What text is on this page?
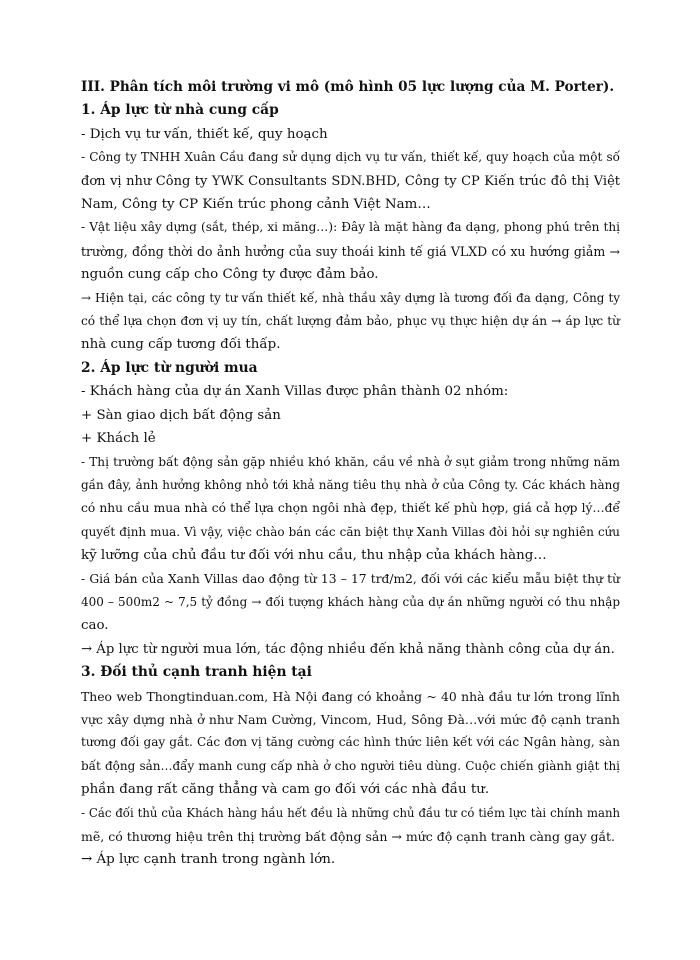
III. Phân tích môi trường vi mô (mô hình 05 lực lượng của M. Porter).

1. Áp lực từ nhà cung cấp

- Dịch vụ tư vấn, thiết kế, quy hoạch

- Công ty TNHH Xuân Cầu đang sử dụng dịch vụ tư vấn, thiết kế, quy hoạch của một số

đơn vị như Công ty YWK Consultants SDN.BHD, Công ty CP Kiến trúc đô thị Việt

Nam, Công ty CP Kiến trúc phong cảnh Việt Nam…

- Vật liệu xây dựng (sắt, thép, xi măng…): Đây là mặt hàng đa dạng, phong phú trên thị

trường, đồng thời do ảnh hưởng của suy thoái kinh tế giá VLXD có xu hướng giảm →

nguồn cung cấp cho Công ty được đảm bảo.

→ Hiện tại, các công ty tư vấn thiết kế, nhà thầu xây dựng là tương đối đa dạng, Công ty

có thể lựa chọn đơn vị uy tín, chất lượng đảm bảo, phục vụ thực hiện dự án → áp lực từ

nhà cung cấp tương đối thấp.

2. Áp lực từ người mua

- Khách hàng của dự án Xanh Villas được phân thành 02 nhóm:

+ Sàn giao dịch bất động sản

+ Khách lẻ

- Thị trường bất động sản gặp nhiều khó khăn, cầu về nhà ở sụt giảm trong những năm

gần đây, ảnh hưởng không nhỏ tới khả năng tiêu thụ nhà ở của Công ty. Các khách hàng

có nhu cầu mua nhà có thể lựa chọn ngôi nhà đẹp, thiết kế phù hợp, giá cả hợp lý…để

quyết định mua. Vì vậy, việc chào bán các căn biệt thự Xanh Villas đòi hỏi sự nghiên cứu

kỹ lưỡng của chủ đầu tư đối với nhu cầu, thu nhập của khách hàng…

- Giá bán của Xanh Villas dao động từ 13 – 17 trđ/m2, đối với các kiểu mẫu biệt thự từ

400 – 500m2 ~ 7,5 tỷ đồng → đối tượng khách hàng của dự án những người có thu nhập

cao.

→ Áp lực từ người mua lớn, tác động nhiều đến khả năng thành công của dự án.

3. Đối thủ cạnh tranh hiện tại

Theo web Thongtinduan.com, Hà Nội đang có khoảng ~ 40 nhà đầu tư lớn trong lĩnh

vực xây dựng nhà ở như Nam Cường, Vincom, Hud, Sông Đà…với mức độ cạnh tranh

tương đối gay gắt. Các đơn vị tăng cường các hình thức liên kết với các Ngân hàng, sàn

bất động sản…đẩy manh cung cấp nhà ở cho người tiêu dùng. Cuộc chiến giành giật thị

phần đang rất căng thẳng và cam go đối với các nhà đầu tư.

- Các đối thủ của Khách hàng hầu hết đều là những chủ đầu tư có tiềm lực tài chính manh

mẽ, có thương hiệu trên thị trường bất động sản → mức độ cạnh tranh càng gay gắt.

→ Áp lực cạnh tranh trong ngành lớn.
